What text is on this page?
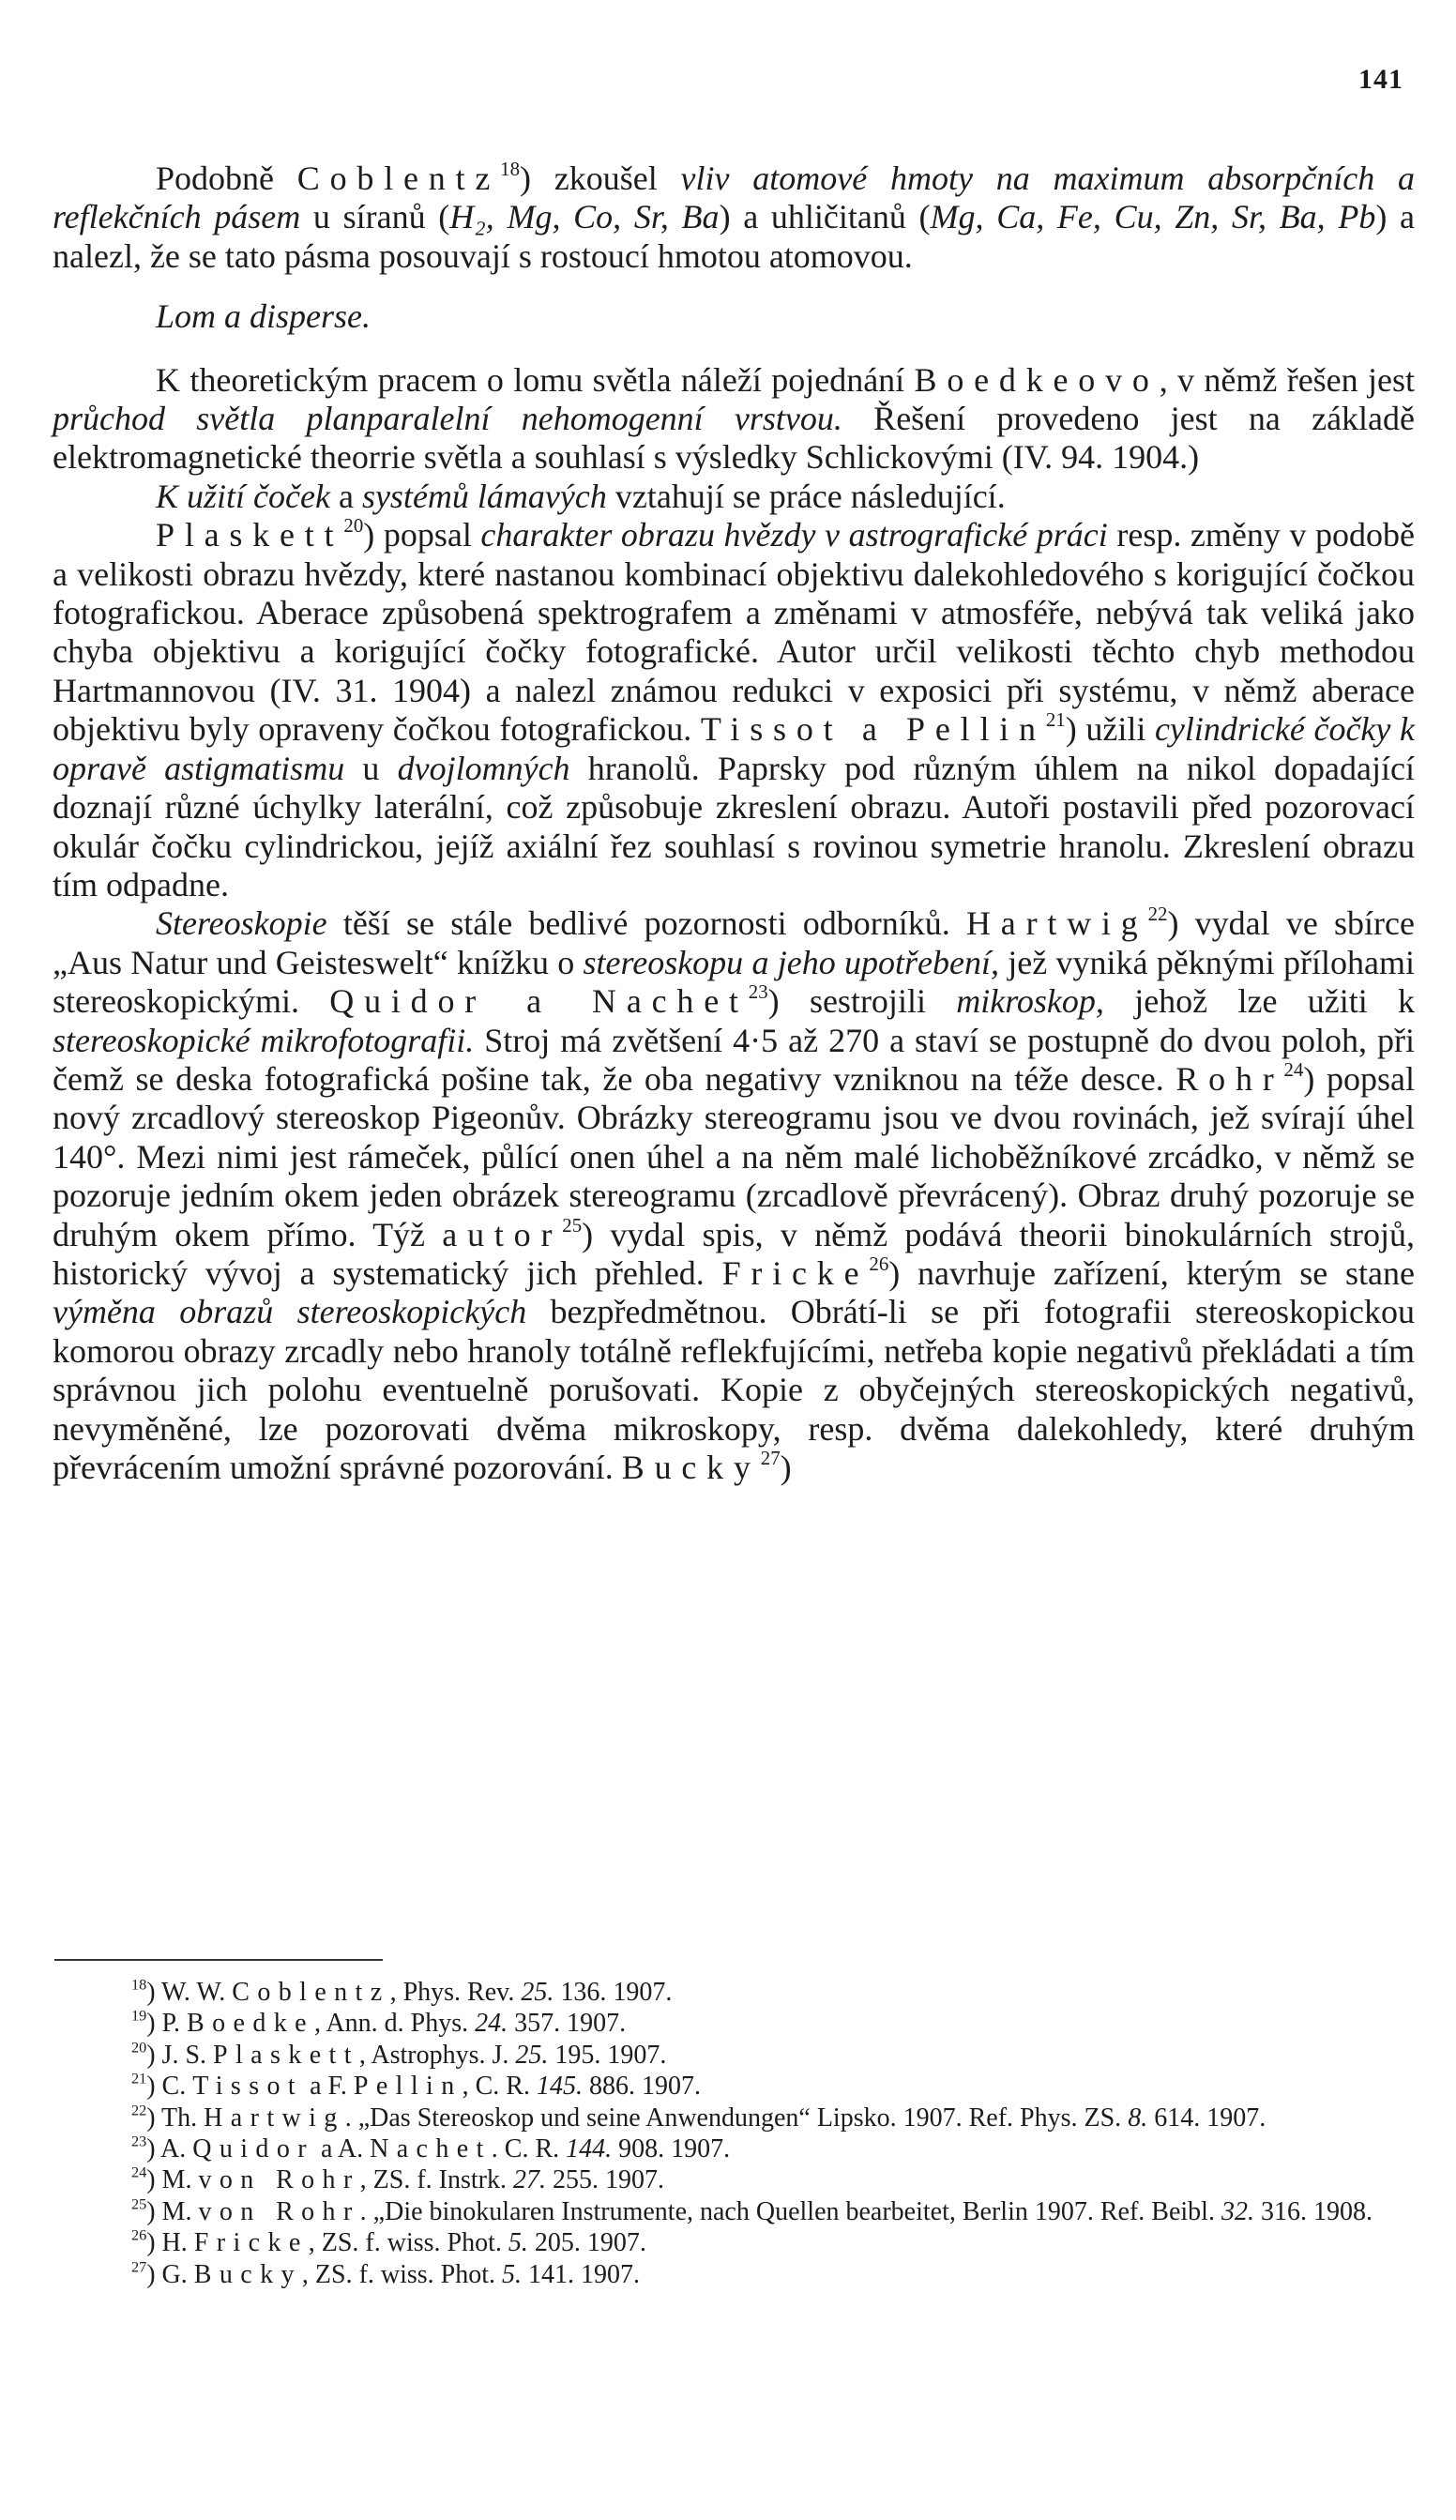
141

Podobně Coblentz$^{18}$) zkoušel vliv atomové hmoty na maximum absorpčních a reflekčních pásem u síranů (H₂, Mg, Co, Sr, Ba) a uhličitanů (Mg, Ca, Fe, Cu, Zn, Sr, Ba, Pb) a nalezl, že se tato pásma posouvají s rostoucí hmotou atomovou.

Lom a disperse.

K theoretickým pracem o lomu světla náleží pojednání Boedkeovo, v němž řešen jest průchod světla planparalelní nehomogenní vrstvou. Řešení provedeno jest na základě elektromagnetické theorrie světla a souhlasí s výsledky Schlickovými (IV. 94. 1904.)

K užití čoček a systémů lámavých vztahují se práce následující.

Plaskett$^{20}$) popsal charakter obrazu hvězdy v astrografické práci resp. změny v podobě a velikosti obrazu hvězdy, které nastanou kombinací objektivu dalekohledového s korigující čočkou fotografickou. Aberace způsobená spektrografem a změnami v atmosféře, nebývá tak veliká jako chyba objektivu a korigující čočky fotografické. Autor určil velikosti těchto chyb methodou Hartmannovou (IV. 31. 1904) a nalezl známou redukci v exposici při systému, v němž aberace objektivu byly opraveny čočkou fotografickou. Tissot a Pellin$^{21}$) užili cylindrické čočky k opravě astigmatismu u dvojlomných hranolů. Paprsky pod různým úhlem na nikol dopadající doznají různé úchylky laterální, což způsobuje zkreslení obrazu. Autoři postavili před pozorovací okulár čočku cylindrickou, jejíž axiální řez souhlasí s rovinou symetrie hranolu. Zkreslení obrazu tím odpadne.

Stereoskopie těší se stále bedlivé pozornosti odborníků. Hartwig$^{22}$) vydal ve sbírce „Aus Natur und Geisteswelt“ knížku o stereoskopu a jeho upotřebení, jež vyniká pěknými přílohami stereoskopickými. Quidor a Nachet$^{23}$) sestrojili mikroskop, jehož lze užiti k stereoskopické mikrofotografii. Stroj má zvětšení 4·5 až 270 a staví se postupně do dvou poloh, při čemž se deska fotografická pošine tak, že oba negativy vzniknou na téže desce. Rohr$^{24}$) popsal nový zrcadlový stereoskop Pigeonův. Obrázky stereogramu jsou ve dvou rovinách, jež svírají úhel 140°. Mezi nimi jest rámeček, půlící onen úhel a na něm malé lichoběžníkové zrcádko, v němž se pozoruje jedním okem jeden obrázek stereogramu (zrcadlově převrácený). Obraz druhý pozoruje se druhým okem přímo. Týž autor$^{25}$) vydal spis, v němž podává theorii binokulárních strojů, historický vývoj a systematický jich přehled. Fricke$^{26}$) navrhuje zařízení, kterým se stane výměna obrazů stereoskopických bezpředmětnou. Obrátí-li se při fotografii stereoskopickou komorou obrazy zrcadly nebo hranoly totálně reflekfujícími, netřeba kopie negativů překládati a tím správnou jich polohu eventuelně porušovati. Kopie z obyčejných stereoskopických negativů, nevyměněné, lze pozorovati dvěma mikroskopy, resp. dvěma dalekohledy, které druhým převrácením umožní správné pozorování. Bucky$^{27}$)

$^{18}$) W. W. Coblentz, Phys. Rev. 25. 136. 1907.

$^{19}$) P. Boedke, Ann. d. Phys. 24. 357. 1907.

$^{20}$) J. S. Plaskett, Astrophys. J. 25. 195. 1907.

$^{21}$) C. Tissot a F. Pellin, C. R. 145. 886. 1907.

$^{22}$) Th. Hartwig. „Das Stereoskop und seine Anwendungen“ Lipsko. 1907. Ref. Phys. ZS. 8. 614. 1907.

$^{23}$) A. Quidor a A. Nachet. C. R. 144. 908. 1907.

$^{24}$) M. von Rohr, ZS. f. Instrk. 27. 255. 1907.

$^{25}$) M. von Rohr. „Die binokularen Instrumente, nach Quellen bearbeitet, Berlin 1907. Ref. Beibl. 32. 316. 1908.

$^{26}$) H. Fricke, ZS. f. wiss. Phot. 5. 205. 1907.

$^{27}$) G. Bucky, ZS. f. wiss. Phot. 5. 141. 1907.
